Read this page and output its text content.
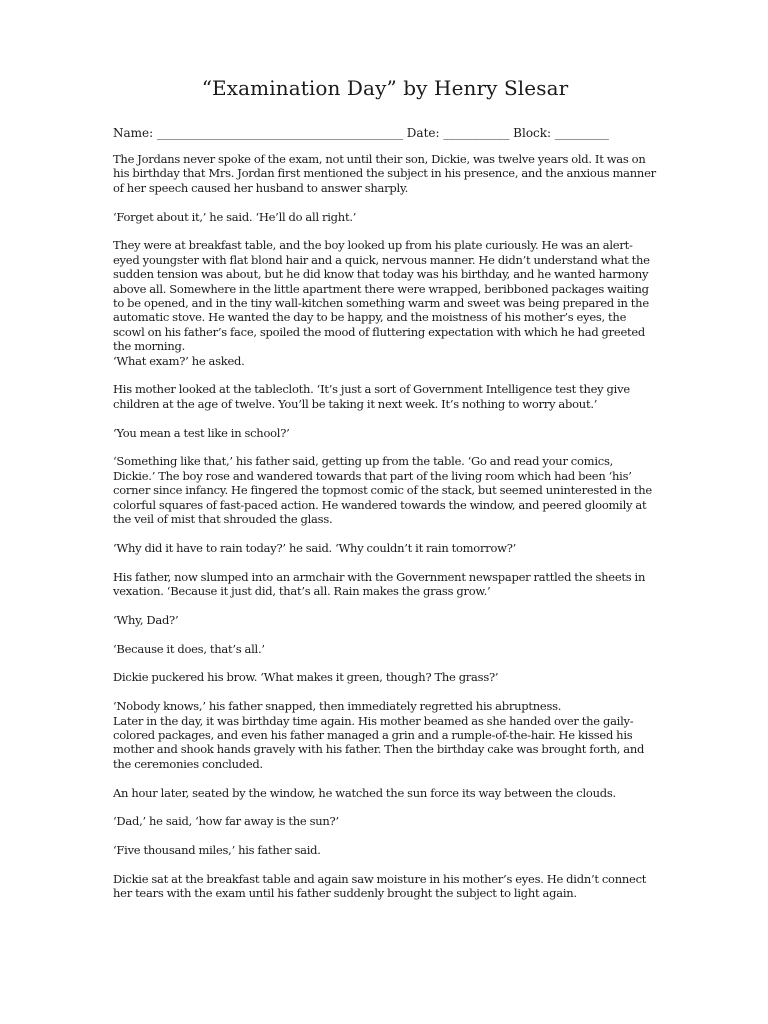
“Examination Day” by Henry Slesar
Name: _________________________________________ Date: ___________ Block: _________

The Jordans never spoke of the exam, not until their son, Dickie, was twelve years old. It was on his birthday that Mrs. Jordan first mentioned the subject in his presence, and the anxious manner of her speech caused her husband to answer sharply.

‘Forget about it,’ he said. ‘He’ll do all right.’

They were at breakfast table, and the boy looked up from his plate curiously. He was an alert-eyed youngster with flat blond hair and a quick, nervous manner. He didn’t understand what the sudden tension was about, but he did know that today was his birthday, and he wanted harmony above all. Somewhere in the little apartment there were wrapped, beribboned packages waiting to be opened, and in the tiny wall-kitchen something warm and sweet was being prepared in the automatic stove. He wanted the day to be happy, and the moistness of his mother’s eyes, the scowl on his father’s face, spoiled the mood of fluttering expectation with which he had greeted the morning.

‘What exam?’ he asked.

His mother looked at the tablecloth. ‘It’s just a sort of Government Intelligence test they give children at the age of twelve. You’ll be taking it next week. It’s nothing to worry about.’

‘You mean a test like in school?’

‘Something like that,’ his father said, getting up from the table. ‘Go and read your comics, Dickie.’ The boy rose and wandered towards that part of the living room which had been ‘his’ corner since infancy. He fingered the topmost comic of the stack, but seemed uninterested in the colorful squares of fast-paced action. He wandered towards the window, and peered gloomily at the veil of mist that shrouded the glass.

‘Why did it have to rain today?’ he said. ‘Why couldn’t it rain tomorrow?’

His father, now slumped into an armchair with the Government newspaper rattled the sheets in vexation. ‘Because it just did, that’s all. Rain makes the grass grow.’

‘Why, Dad?’

‘Because it does, that’s all.’

Dickie puckered his brow. ‘What makes it green, though? The grass?’

‘Nobody knows,’ his father snapped, then immediately regretted his abruptness.

Later in the day, it was birthday time again. His mother beamed as she handed over the gaily-colored packages, and even his father managed a grin and a rumple-of-the-hair. He kissed his mother and shook hands gravely with his father. Then the birthday cake was brought forth, and the ceremonies concluded.

An hour later, seated by the window, he watched the sun force its way between the clouds.

‘Dad,’ he said, ‘how far away is the sun?’

‘Five thousand miles,’ his father said.

Dickie sat at the breakfast table and again saw moisture in his mother’s eyes. He didn’t connect her tears with the exam until his father suddenly brought the subject to light again.
